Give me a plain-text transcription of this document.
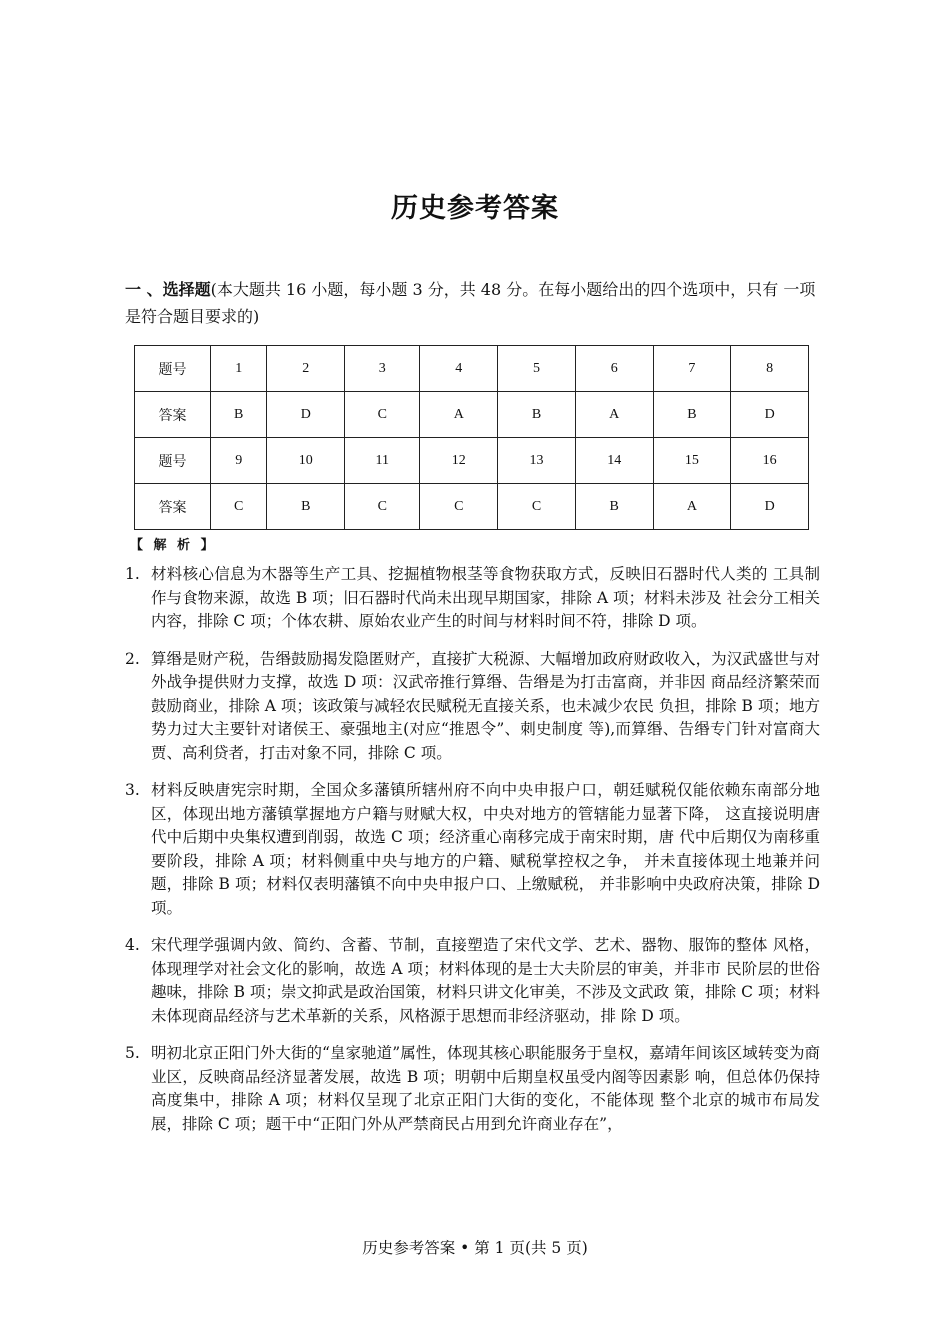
历史参考答案
一 、选择题(本大题共 16 小题，每小题 3 分，共 48 分。在每小题给出的四个选项中，只有 一项是符合题目要求的)
题号	1	2	3	4	5	6	7	8
答案	B	D	C	A	B	A	B	D
题号	9	10	11	12	13	14	15	16
答案	C	B	C	C	C	B	A	D
【 解 析 】
1. 材料核心信息为木器等生产工具、挖掘植物根茎等食物获取方式，反映旧石器时代人类的 工具制作与食物来源，故选 B 项；旧石器时代尚未出现早期国家，排除 A 项；材料未涉及 社会分工相关内容，排除 C 项；个体农耕、原始农业产生的时间与材料时间不符，排除 D 项。
2. 算缗是财产税，告缗鼓励揭发隐匿财产，直接扩大税源、大幅增加政府财政收入，为汉武盛世与对外战争提供财力支撑，故选 D 项：汉武帝推行算缗、告缗是为打击富商，并非因 商品经济繁荣而鼓励商业，排除 A 项；该政策与减轻农民赋税无直接关系，也未减少农民 负担，排除 B 项；地方势力过大主要针对诸侯王、豪强地主(对应“推恩令”、刺史制度 等),而算缗、告缗专门针对富商大贾、高利贷者，打击对象不同，排除 C 项。
3. 材料反映唐宪宗时期，全国众多藩镇所辖州府不向中央申报户口，朝廷赋税仅能依赖东南部分地区，体现出地方藩镇掌握地方户籍与财赋大权，中央对地方的管辖能力显著下降， 这直接说明唐代中后期中央集权遭到削弱，故选 C 项；经济重心南移完成于南宋时期，唐 代中后期仅为南移重要阶段，排除 A 项；材料侧重中央与地方的户籍、赋税掌控权之争， 并未直接体现土地兼并问题，排除 B 项；材料仅表明藩镇不向中央申报户口、上缴赋税， 并非影响中央政府决策，排除 D 项。
4. 宋代理学强调内敛、简约、含蓄、节制，直接塑造了宋代文学、艺术、器物、服饰的整体 风格，体现理学对社会文化的影响，故选 A 项；材料体现的是士大夫阶层的审美，并非市 民阶层的世俗趣味，排除 B 项；崇文抑武是政治国策，材料只讲文化审美，不涉及文武政 策，排除 C 项；材料未体现商品经济与艺术革新的关系，风格源于思想而非经济驱动，排 除 D 项。
5. 明初北京正阳门外大街的“皇家驰道”属性，体现其核心职能服务于皇权，嘉靖年间该区域转变为商业区，反映商品经济显著发展，故选 B 项；明朝中后期皇权虽受内阁等因素影 响，但总体仍保持高度集中，排除 A 项；材料仅呈现了北京正阳门大街的变化，不能体现 整个北京的城市布局发展，排除 C 项；题干中“正阳门外从严禁商民占用到允许商业存在”，
历史参考答案 • 第 1 页(共 5 页)
